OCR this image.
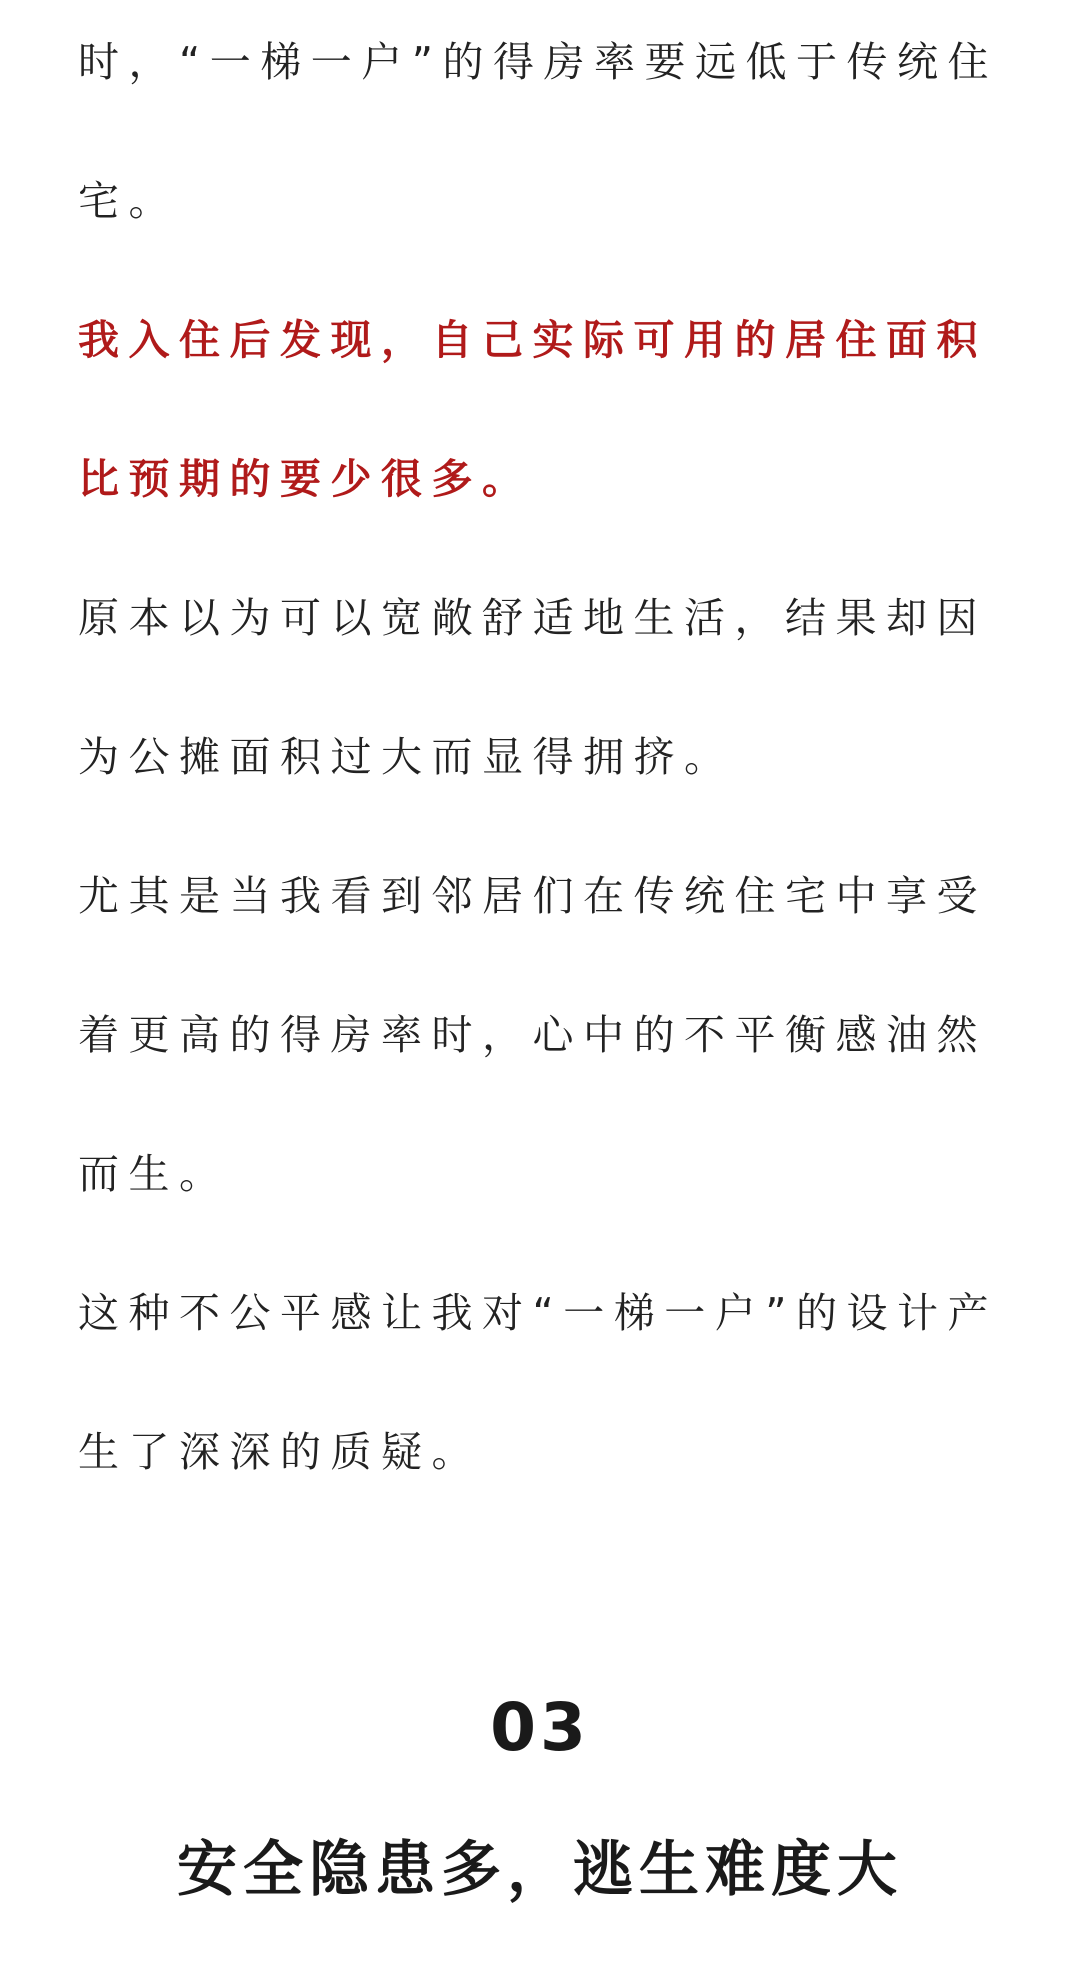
时，“一梯一户”的得房率要远低于传统住宅。

我入住后发现，自己实际可用的居住面积比预期的要少很多。

原本以为可以宽敞舒适地生活，结果却因为公摊面积过大而显得拥挤。

尤其是当我看到邻居们在传统住宅中享受着更高的得房率时，心中的不平衡感油然而生。

这种不公平感让我对“一梯一户”的设计产生了深深的质疑。

03
安全隐患多，逃生难度大
